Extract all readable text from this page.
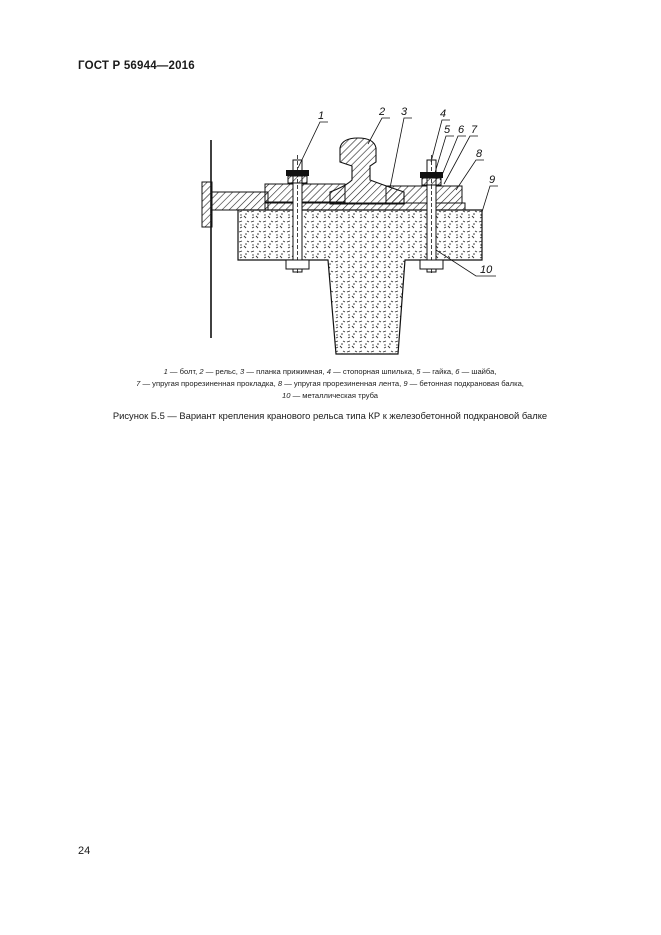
ГОСТ Р 56944—2016
1	2 3	4
5 6 7
8
9
10
1 — болт, 2 — рельс, 3 — планка прижимная, 4 — стопорная шпилька, 5 — гайка, 6 — шайба,
7 — упругая прорезиненная прокладка, 8 — упругая прорезиненная лента, 9 — бетонная подкрановая балка,
10 — металлическая труба
Рисунок Б.5 — Вариант крепления кранового рельса типа КР к железобетонной подкрановой балке
24
